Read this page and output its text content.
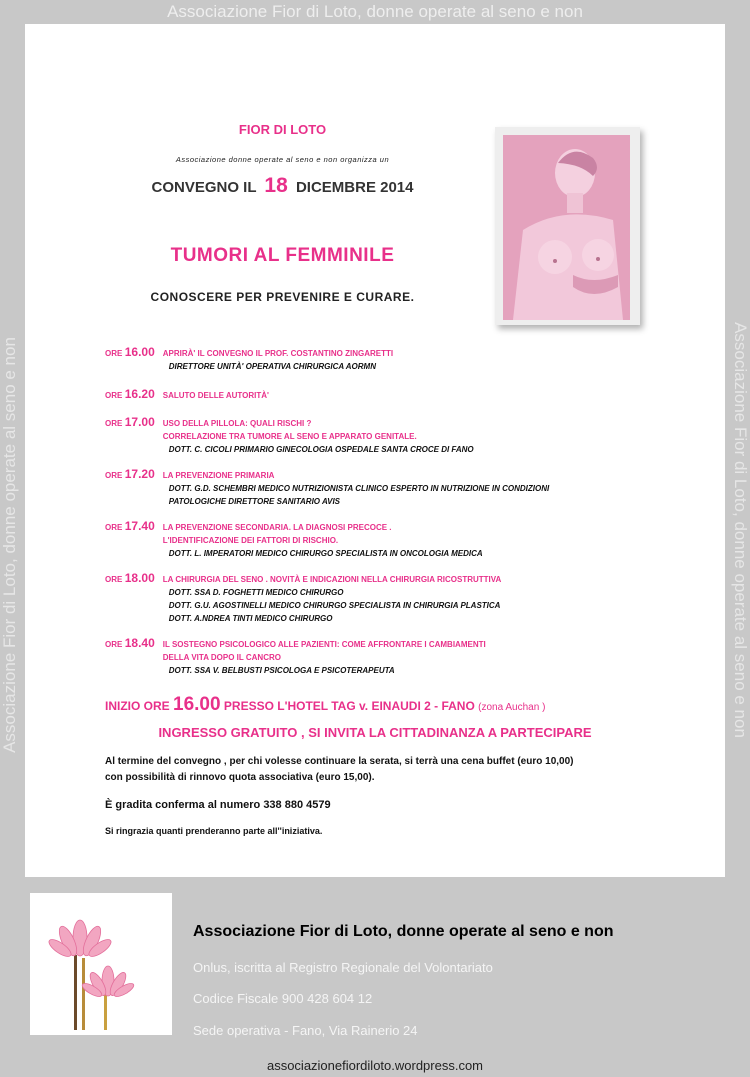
Associazione Fior di Loto, donne operate al seno e non
Associazione Fior di Loto, donne operate al seno e non	Associazione Fior di Loto, donne operate al seno e non
FIOR DI LOTO
Associazione donne operate al seno e non organizza un
CONVEGNO IL 18 DICEMBRE 2014
TUMORI AL FEMMINILE
CONOSCERE PER PREVENIRE E CURARE.
ORE 16.00 APRIRÀ' IL CONVEGNO IL PROF. COSTANTINO ZINGARETTI
DIRETTORE UNITÀ' OPERATIVA CHIRURGICA AORMN
ORE 16.20 SALUTO DELLE AUTORITÀ'
ORE 17.00 USO DELLA PILLOLA: QUALI RISCHI ?
CORRELAZIONE TRA TUMORE AL SENO E APPARATO GENITALE.
DOTT. C. CICOLI PRIMARIO GINECOLOGIA OSPEDALE SANTA CROCE DI FANO
ORE 17.20 LA PREVENZIONE PRIMARIA
DOTT. G.D. SCHEMBRI MEDICO NUTRIZIONISTA CLINICO ESPERTO IN NUTRIZIONE IN CONDIZIONI
PATOLOGICHE DIRETTORE SANITARIO AVIS
ORE 17.40 LA PREVENZIONE SECONDARIA. LA DIAGNOSI PRECOCE .
L'IDENTIFICAZIONE DEI FATTORI DI RISCHIO.
DOTT. L. IMPERATORI MEDICO CHIRURGO SPECIALISTA IN ONCOLOGIA MEDICA
ORE 18.00 LA CHIRURGIA DEL SENO . NOVITÀ E INDICAZIONI NELLA CHIRURGIA RICOSTRUTTIVA
DOTT. SSA D. FOGHETTI MEDICO CHIRURGO
DOTT. G.U. AGOSTINELLI MEDICO CHIRURGO SPECIALISTA IN CHIRURGIA PLASTICA
DOTT. A.NDREA TINTI MEDICO CHIRURGO
ORE 18.40 IL SOSTEGNO PSICOLOGICO ALLE PAZIENTI: COME AFFRONTARE I CAMBIAMENTI
DELLA VITA DOPO IL CANCRO
DOTT. SSA V. BELBUSTI PSICOLOGA E PSICOTERAPEUTA
INIZIO ORE 16.00 PRESSO L'HOTEL TAG v. EINAUDI 2 - FANO (zona Auchan )
INGRESSO GRATUITO , SI INVITA LA CITTADINANZA A PARTECIPARE
Al termine del convegno , per chi volesse continuare la serata, si terrà una cena buffet (euro 10,00)
con possibilità di rinnovo quota associativa (euro 15,00).
È gradita conferma al numero 338 880 4579
Si ringrazia quanti prenderanno parte all''iniziativa.
Associazione Fior di Loto, donne operate al seno e non
Onlus, iscritta al Registro Regionale del Volontariato
Codice Fiscale 900 428 604 12
Sede operativa - Fano, Via Rainerio 24
associazionefiordiloto.wordpress.com
